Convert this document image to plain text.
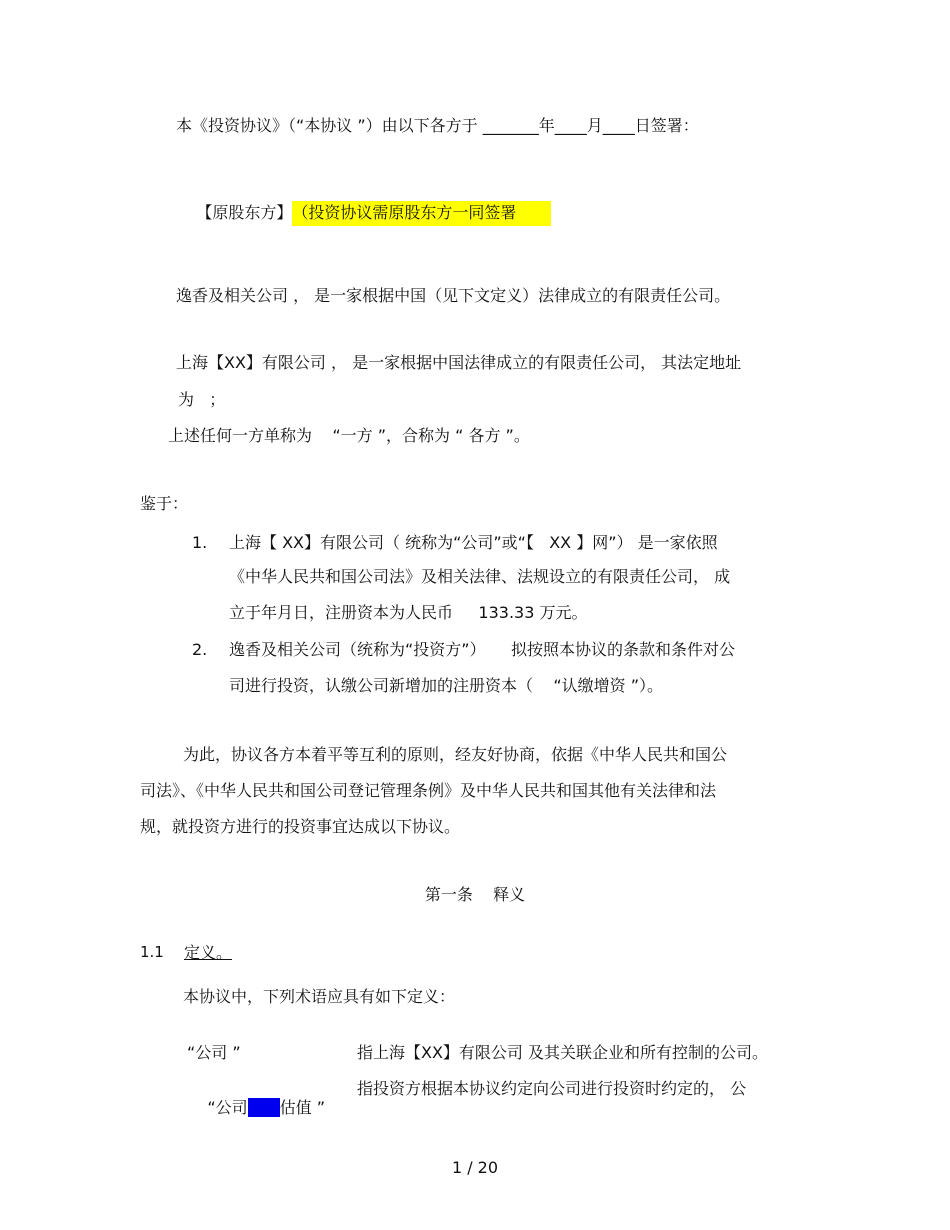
本《投资协议》（“本协议 ”）由以下各方于 _______年____月____日签署：

【原股东方】（投资协议需原股东方一同签署

逸香及相关公司 ， 是一家根据中国（见下文定义）法律成立的有限责任公司。
上海【XX】有限公司 ， 是一家根据中国法律成立的有限责任公司， 其法定地址
为   ；
上述任何一方单称为    “一方 ”，合称为 “ 各方 ”。
鉴于：
1. 上海【 XX】有限公司（ 统称为“公司”或“【   XX 】网”） 是一家依照
《中华人民共和国公司法》及相关法律、法规设立的有限责任公司， 成
立于年月日，注册资本为人民币     133.33 万元。
2. 逸香及相关公司（统称为“投资方”）     拟按照本协议的条款和条件对公
司进行投资，认缴公司新增加的注册资本（    “认缴增资 ”）。
为此，协议各方本着平等互利的原则，经友好协商，依据《中华人民共和国公
司法》、《中华人民共和国公司登记管理条例》及中华人民共和国其他有关法律和法
规，就投资方进行的投资事宜达成以下协议。
第一条    释义
1.1 定义。
本协议中，下列术语应具有如下定义：
“公司 ”	指上海【XX】有限公司 及其关联企业和所有控制的公司。

“公司投后估值 ”

指投资方根据本协议约定向公司进行投资时约定的， 公
1 / 20
